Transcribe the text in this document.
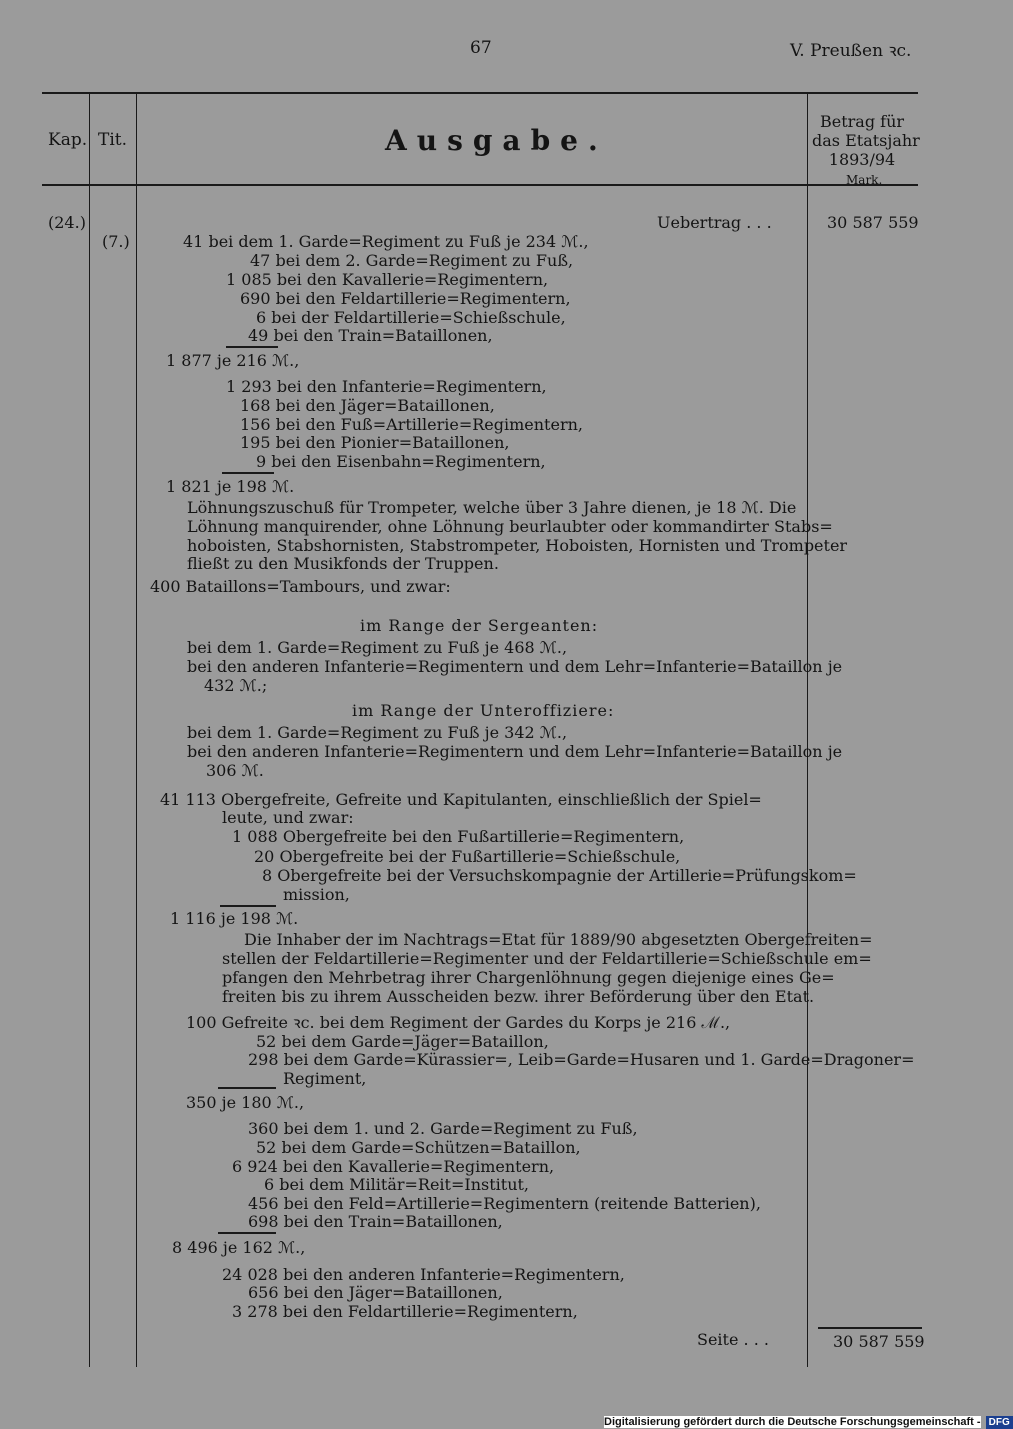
67	V. Preußen ꝛc.
Kap. Tit.	Ausgabe.
Betrag für
das Etatsjahr
1893/94
Mark.
(24.)
(7.)
Uebertrag . . .	30 587 559
41 bei dem 1. Garde=Regiment zu Fuß je 234 ℳ.,
47 bei dem 2. Garde=Regiment zu Fuß,
1 085 bei den Kavallerie=Regimentern,
690 bei den Feldartillerie=Regimentern,
6 bei der Feldartillerie=Schießschule,
49 bei den Train=Bataillonen,
1 877 je 216 ℳ.,
1 293 bei den Infanterie=Regimentern,
168 bei den Jäger=Bataillonen,
156 bei den Fuß=Artillerie=Regimentern,
195 bei den Pionier=Bataillonen,
9 bei den Eisenbahn=Regimentern,
1 821 je 198 ℳ.
Löhnungszuschuß für Trompeter, welche über 3 Jahre dienen, je 18 ℳ. Die
Löhnung manquirender, ohne Löhnung beurlaubter oder kommandirter Stabs=
hoboisten, Stabshornisten, Stabstrompeter, Hoboisten, Hornisten und Trompeter
fließt zu den Musikfonds der Truppen.
400 Bataillons=Tambours, und zwar:
im Range der Sergeanten:
bei dem 1. Garde=Regiment zu Fuß je 468 ℳ.,
bei den anderen Infanterie=Regimentern und dem Lehr=Infanterie=Bataillon je
432 ℳ.;
im Range der Unteroffiziere:
bei dem 1. Garde=Regiment zu Fuß je 342 ℳ.,
bei den anderen Infanterie=Regimentern und dem Lehr=Infanterie=Bataillon je
306 ℳ.
41 113 Obergefreite, Gefreite und Kapitulanten, einschließlich der Spiel=
leute, und zwar:
1 088 Obergefreite bei den Fußartillerie=Regimentern,
20 Obergefreite bei der Fußartillerie=Schießschule,
8 Obergefreite bei der Versuchskompagnie der Artillerie=Prüfungskom=
mission,
1 116 je 198 ℳ.
Die Inhaber der im Nachtrags=Etat für 1889/90 abgesetzten Obergefreiten=
stellen der Feldartillerie=Regimenter und der Feldartillerie=Schießschule em=
pfangen den Mehrbetrag ihrer Chargenlöhnung gegen diejenige eines Ge=
freiten bis zu ihrem Ausscheiden bezw. ihrer Beförderung über den Etat.
100 Gefreite ꝛc. bei dem Regiment der Gardes du Korps je 216 ℳ.,
52 bei dem Garde=Jäger=Bataillon,
298 bei dem Garde=Kürassier=, Leib=Garde=Husaren und 1. Garde=Dragoner=
Regiment,
350 je 180 ℳ.,
360 bei dem 1. und 2. Garde=Regiment zu Fuß,
52 bei dem Garde=Schützen=Bataillon,
6 924 bei den Kavallerie=Regimentern,
6 bei dem Militär=Reit=Institut,
456 bei den Feld=Artillerie=Regimentern (reitende Batterien),
698 bei den Train=Bataillonen,
8 496 je 162 ℳ.,
24 028 bei den anderen Infanterie=Regimentern,
656 bei den Jäger=Bataillonen,
3 278 bei den Feldartillerie=Regimentern,
Seite . . .	30 587 559
Digitalisierung gefördert durch die Deutsche Forschungsgemeinschaft - DFG
